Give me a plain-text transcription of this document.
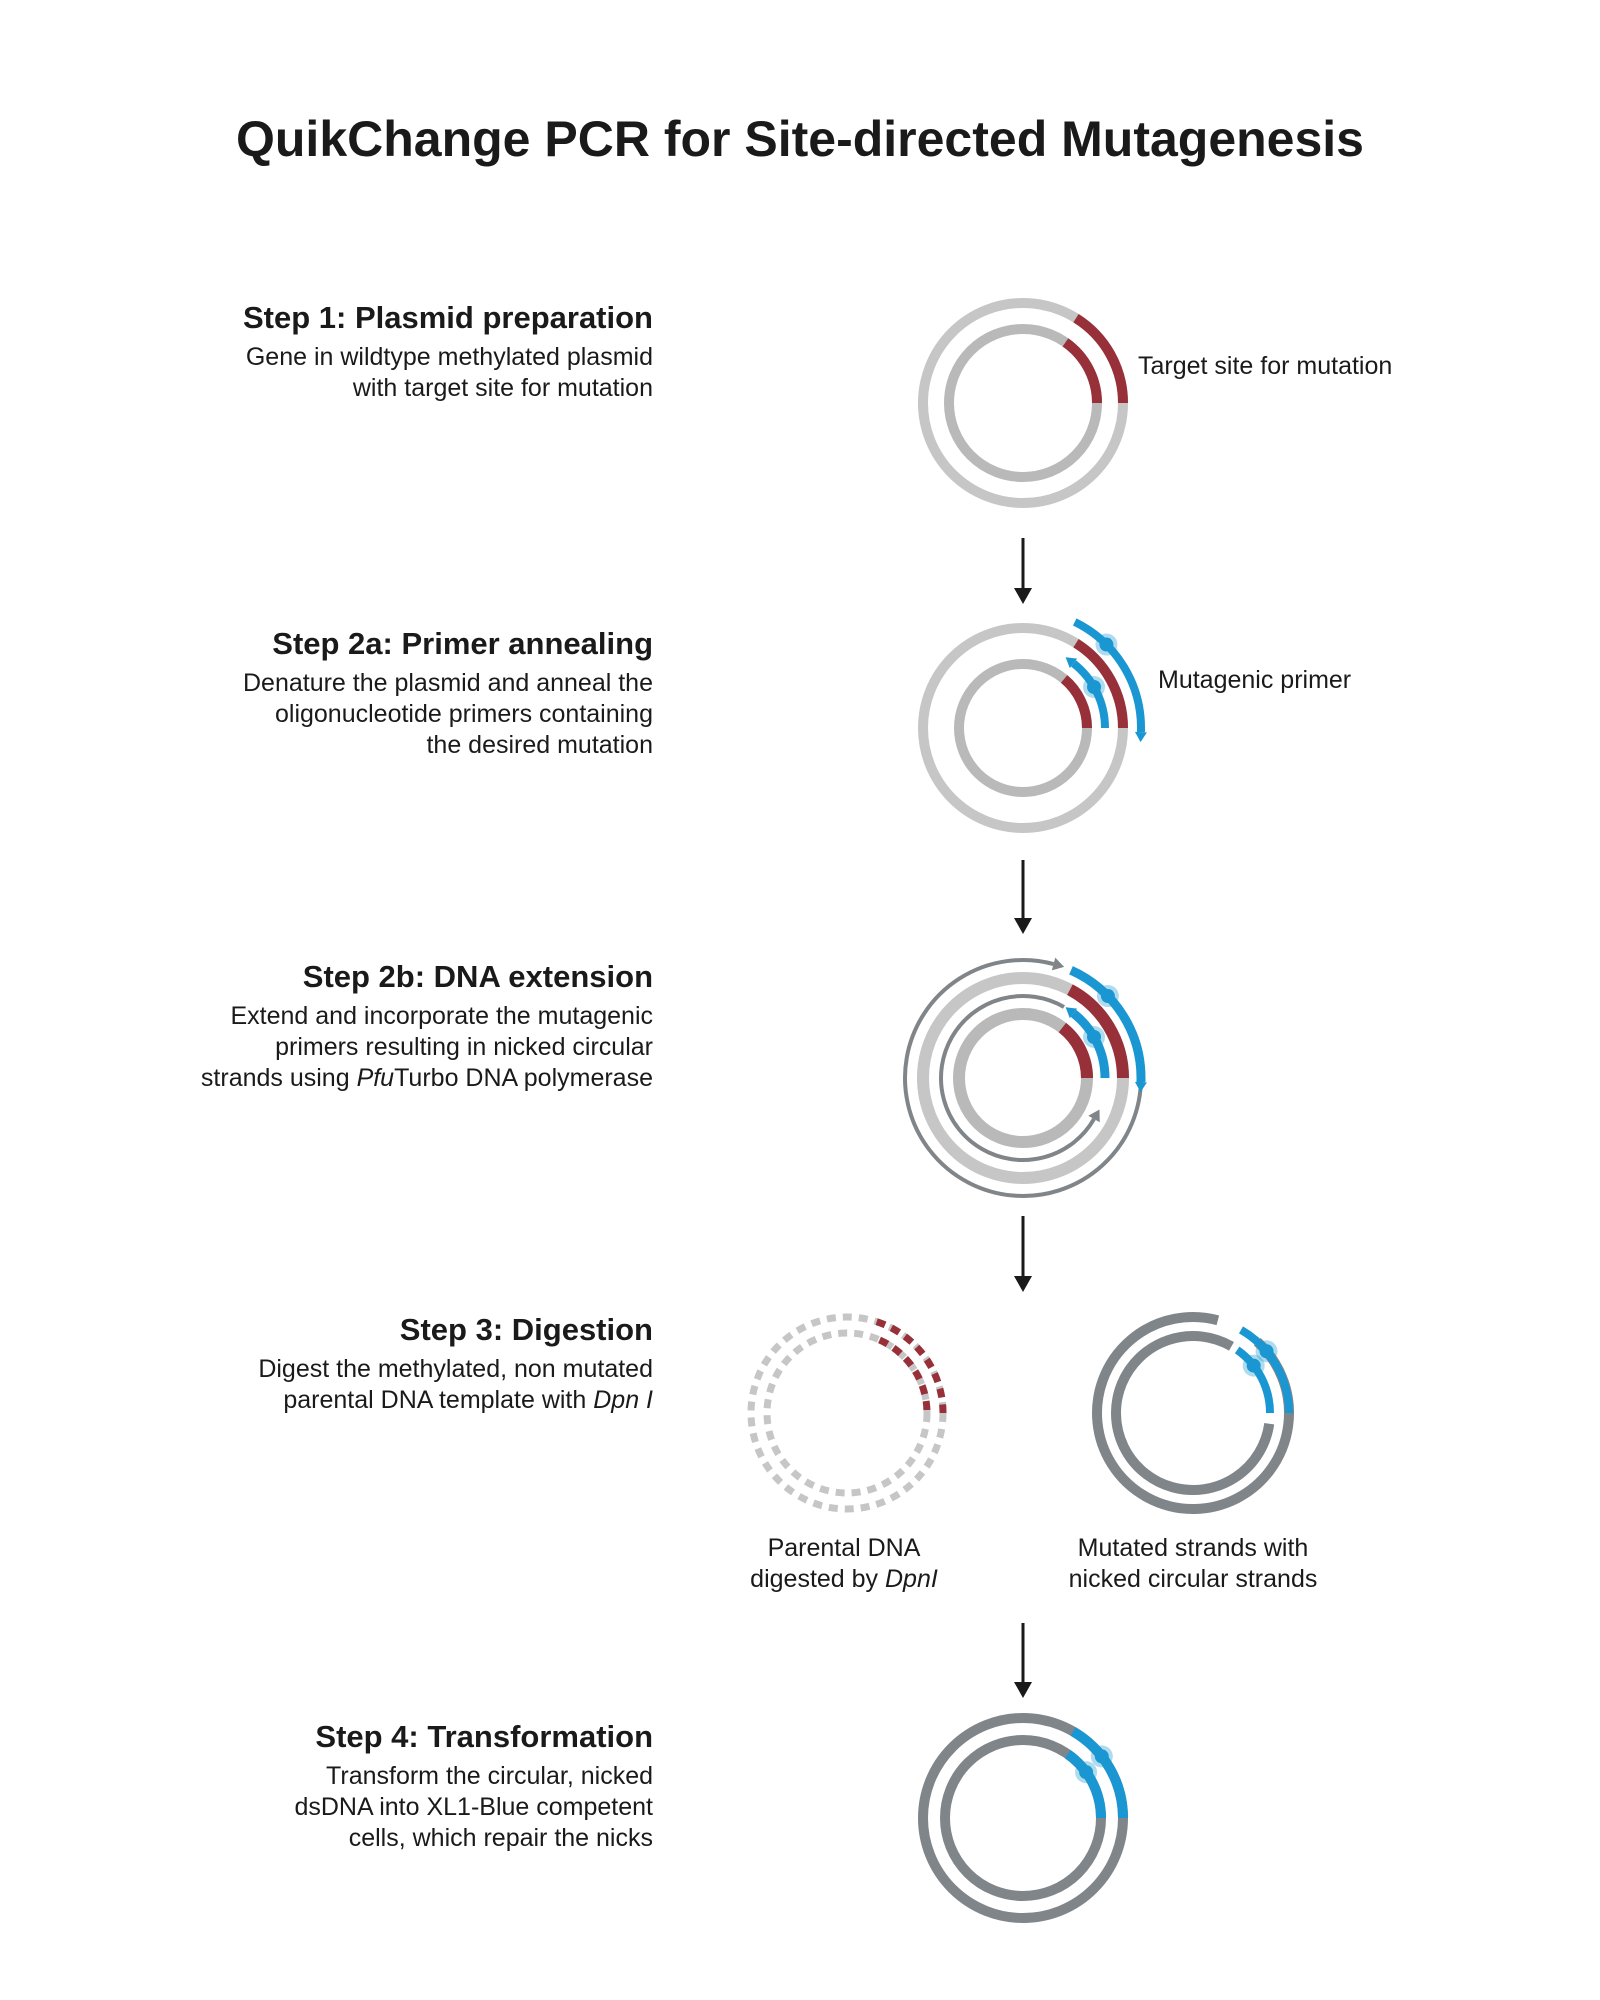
QuikChange PCR for Site-directed Mutagenesis
Step 1: Plasmid preparation

Gene in wildtype methylated plasmid

with target site for mutation

Step 2a: Primer annealing

Denature the plasmid and anneal the

oligonucleotide primers containing

the desired mutation

Step 2b: DNA extension

Extend and incorporate the mutagenic

primers resulting in nicked circular

strands using PfuTurbo DNA polymerase

Step 3: Digestion

Digest the methylated, non mutated

parental DNA template with Dpn I

Step 4: Transformation

Transform the circular, nicked

dsDNA into XL1-Blue competent

cells, which repair the nicks

Target site for mutation
Mutagenic primer
Parental DNA
digested by DpnI
Mutated strands with
nicked circular strands
